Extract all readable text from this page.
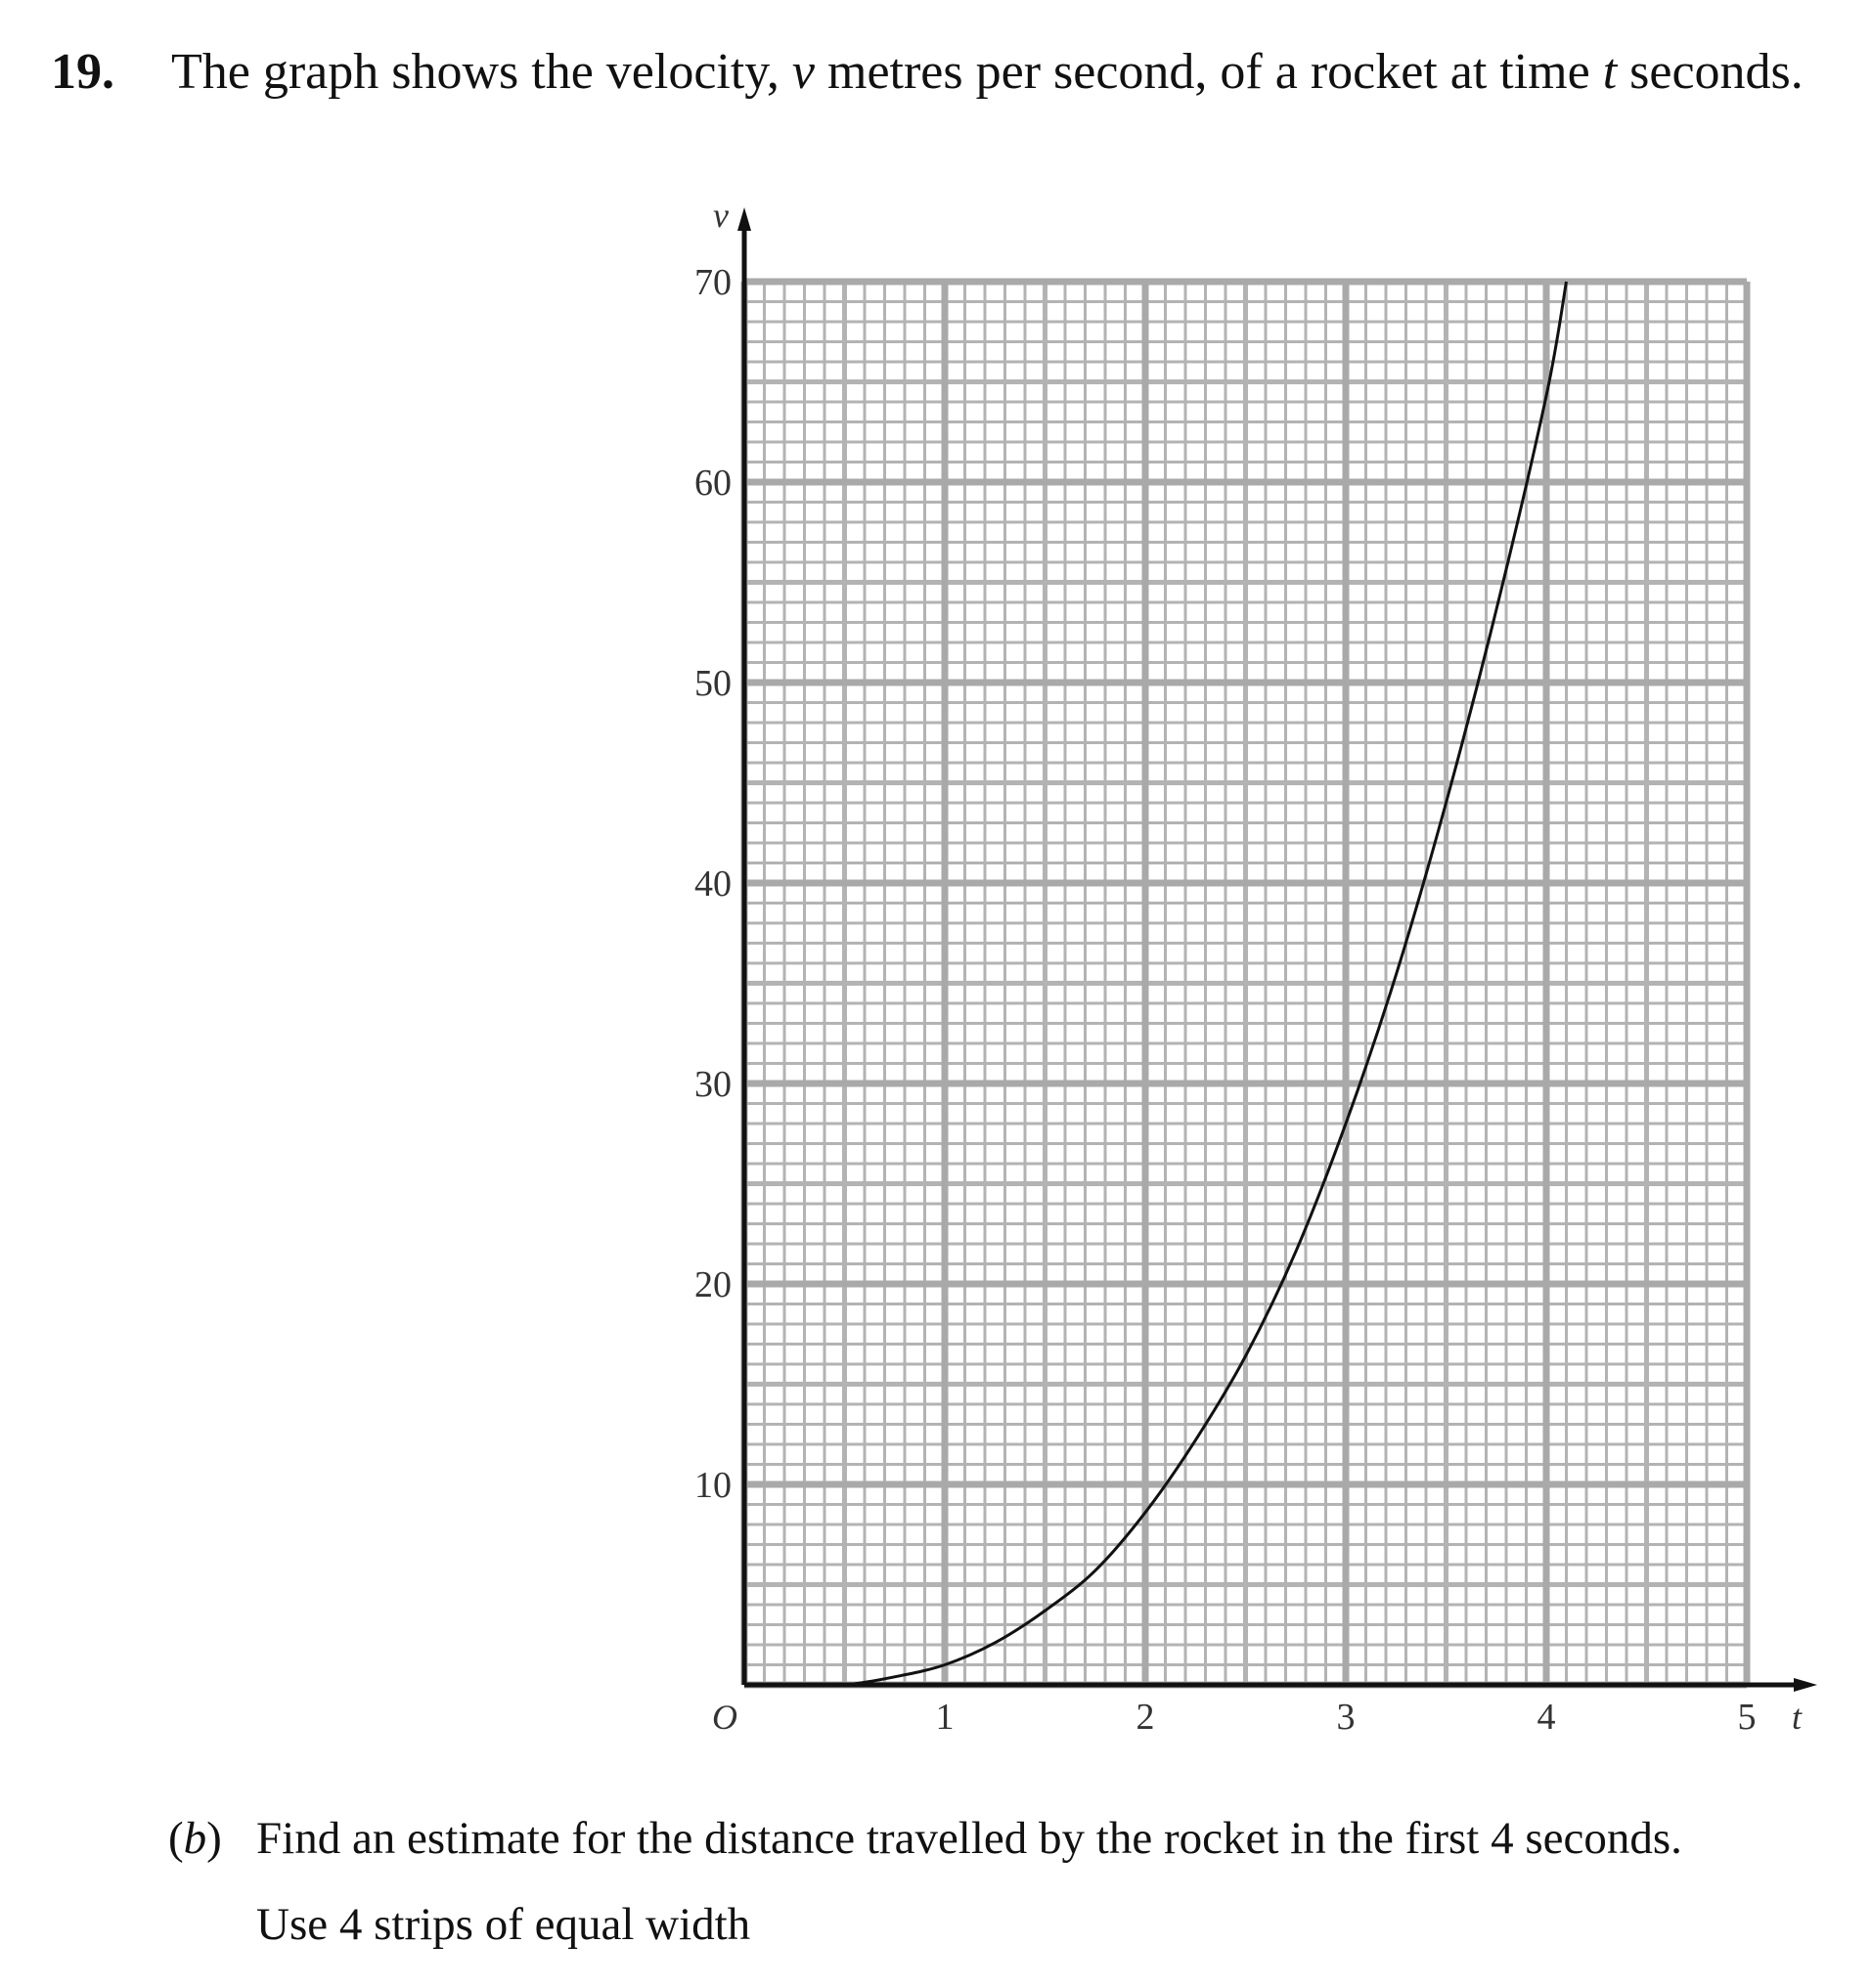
19. The graph shows the velocity, v metres per second, of a rocket at time t seconds.
1	2	3	4	5
10
20
30
40
50
60
70
O	t
v
(b) Find an estimate for the distance travelled by the rocket in the first 4 seconds.
Use 4 strips of equal width
